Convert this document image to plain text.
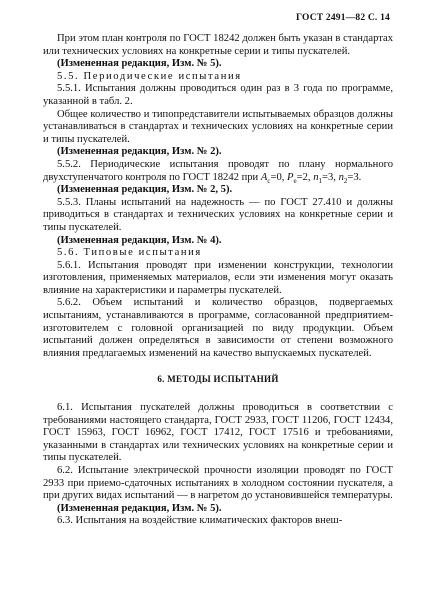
ГОСТ 2491—82 С. 14

При этом план контроля по ГОСТ 18242 должен быть указан в стандартах или технических условиях на конкретные серии и типы пускателей.

(Измененная редакция, Изм. № 5).

5.5. Периодические испытания

5.5.1. Испытания должны проводиться один раз в 3 года по программе, указанной в табл. 2.

Общее количество и типопредставители испытываемых образцов должны устанавливаться в стандартах и технических условиях на конкретные серии и типы пускателей.

(Измененная редакция, Изм. № 2).

5.5.2. Периодические испытания проводят по плану нормального двухступенчатого контроля по ГОСТ 18242 при $A_c=0$, $P_e=2$, $n_1=3$, $n_2=3$.

(Измененная редакция, Изм. № 2, 5).

5.5.3. Планы испытаний на надежность — по ГОСТ 27.410 и должны приводиться в стандартах и технических условиях на конкретные серии и типы пускателей.

(Измененная редакция, Изм. № 4).

5.6. Типовые испытания

5.6.1. Испытания проводят при изменении конструкции, технологии изготовления, применяемых материалов, если эти изменения могут оказать влияние на характеристики и параметры пускателей.

5.6.2. Объем испытаний и количество образцов, подвергаемых испытаниям, устанавливаются в программе, согласованной предприятием-изготовителем с головной организацией по виду продукции. Объем испытаний должен определяться в зависимости от степени возможного влияния предлагаемых изменений на качество выпускаемых пускателей.

6. МЕТОДЫ ИСПЫТАНИЙ

6.1. Испытания пускателей должны проводиться в соответствии с требованиями настоящего стандарта, ГОСТ 2933, ГОСТ 11206, ГОСТ 12434, ГОСТ 15963, ГОСТ 16962, ГОСТ 17412, ГОСТ 17516 и требованиями, указанными в стандартах или технических условиях на конкретные серии и типы пускателей.

6.2. Испытание электрической прочности изоляции проводят по ГОСТ 2933 при приемо-сдаточных испытаниях в холодном состоянии пускателя, а при других видах испытаний — в нагретом до установившейся температуры.

(Измененная редакция, Изм. № 5).

6.3. Испытания на воздействие климатических факторов внеш-
